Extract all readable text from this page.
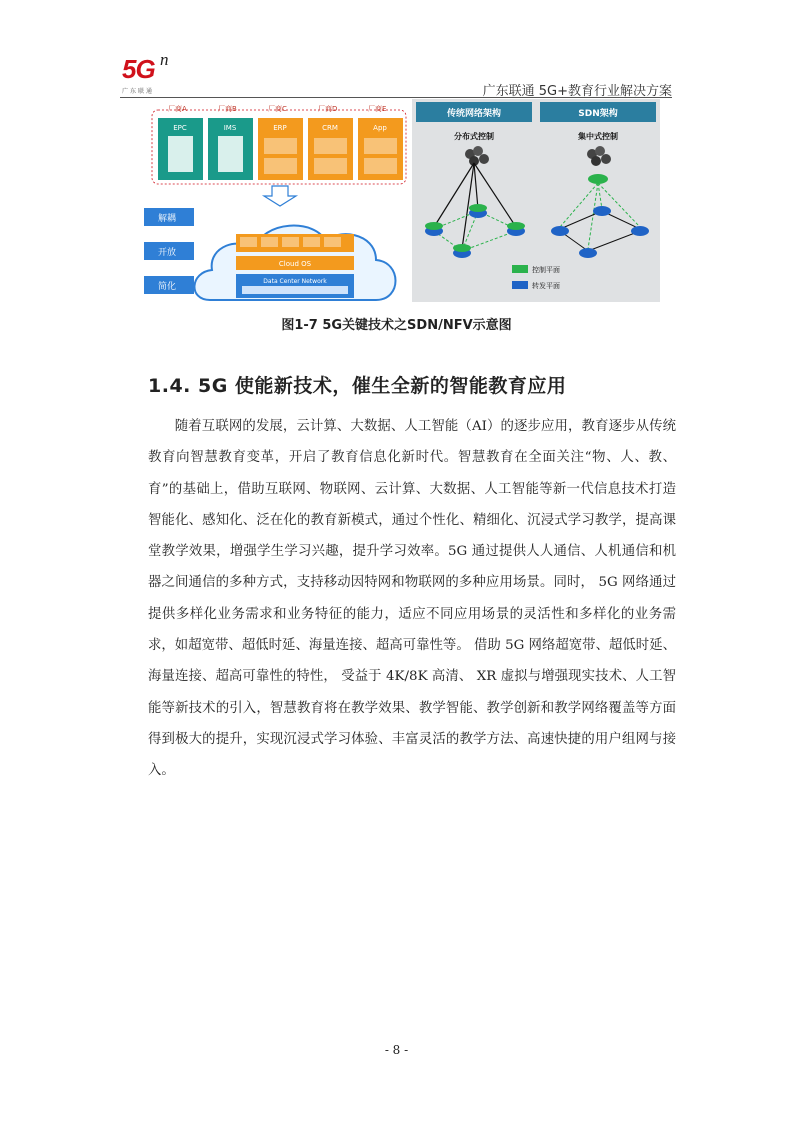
5G n
广东联通	广东联通 5G+教育行业解决方案
厂商A	厂商B	厂商C	厂商D	厂商E
EPC	IMS	ERP	CRM	App
解耦
开放
简化
Cloud OS
Data Center Network
传统网络架构
分布式控制
SDN架构
集中式控制
控制平面
转发平面
图1-7 5G关键技术之SDN/NFV示意图
1.4. 5G 使能新技术，催生全新的智能教育应用
随着互联网的发展，云计算、大数据、人工智能（AI）的逐步应用，教育逐步从传统教育向智慧教育变革，开启了教育信息化新时代。智慧教育在全面关注“物、人、教、育”的基础上，借助互联网、物联网、云计算、大数据、人工智能等新一代信息技术打造智能化、感知化、泛在化的教育新模式，通过个性化、精细化、沉浸式学习教学，提高课堂教学效果，增强学生学习兴趣，提升学习效率。5G 通过提供人人通信、人机通信和机器之间通信的多种方式，支持移动因特网和物联网的多种应用场景。同时， 5G 网络通过提供多样化业务需求和业务特征的能力，适应不同应用场景的灵活性和多样化的业务需求，如超宽带、超低时延、海量连接、超高可靠性等。 借助 5G 网络超宽带、超低时延、海量连接、超高可靠性的特性， 受益于 4K/8K 高清、 XR 虚拟与增强现实技术、人工智能等新技术的引入，智慧教育将在教学效果、教学智能、教学创新和教学网络覆盖等方面得到极大的提升，实现沉浸式学习体验、丰富灵活的教学方法、高速快捷的用户组网与接入。
- 8 -
